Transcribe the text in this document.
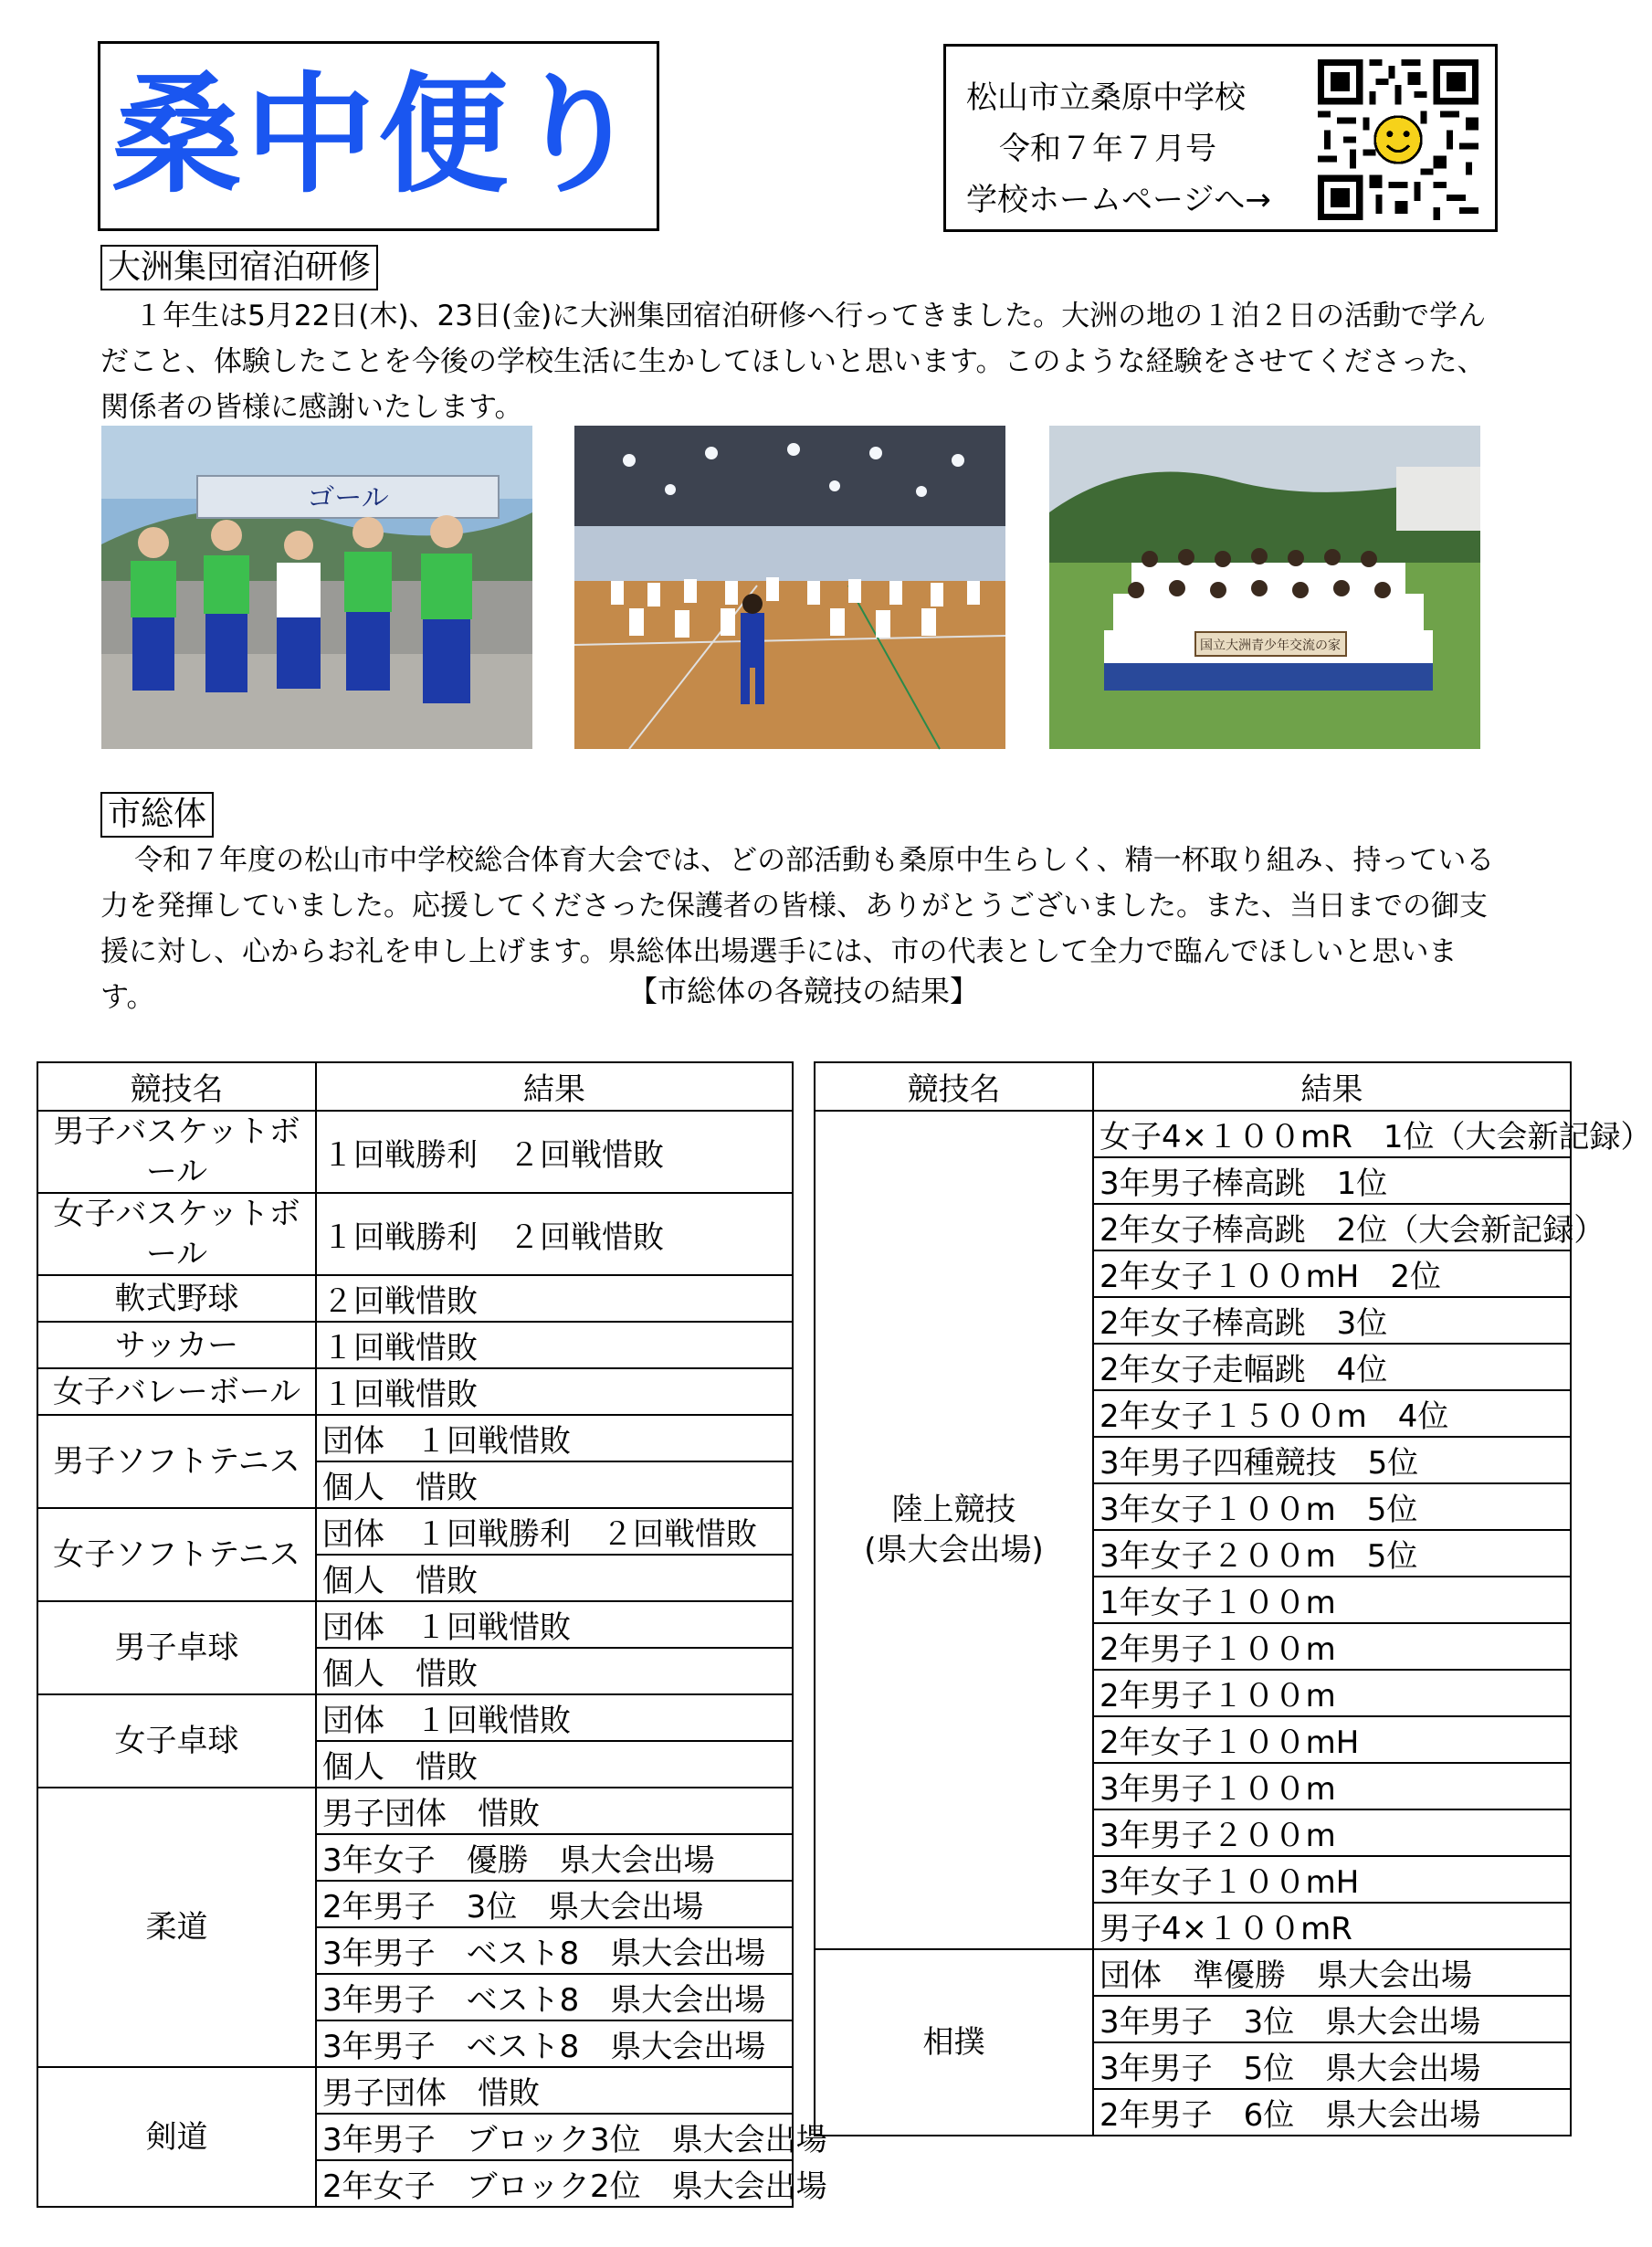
桑中便り	松山市立桑原中学校
令和７年７月号
学校ホームページへ→
大洲集団宿泊研修

１年生は5月22日(木)、23日(金)に大洲集団宿泊研修へ行ってきました。大洲の地の１泊２日の活動で学んだこと、体験したことを今後の学校生活に生かしてほしいと思います。このような経験をさせてくださった、関係者の皆様に感謝いたします。

ゴール
国立大洲青少年交流の家
市総体

令和７年度の松山市中学校総合体育大会では、どの部活動も桑原中生らしく、精一杯取り組み、持っている力を発揮していました。応援してくださった保護者の皆様、ありがとうございました。また、当日までの御支援に対し、心からお礼を申し上げます。県総体出場選手には、市の代表として全力で臨んでほしいと思います。	【市総体の各競技の結果】
競技名	結果
男子バスケットボール	１回戦勝利　２回戦惜敗
女子バスケットボール	１回戦勝利　２回戦惜敗
軟式野球	２回戦惜敗
サッカー	１回戦惜敗
女子バレーボール	１回戦惜敗
男子ソフトテニス	団体　１回戦惜敗
	個人　惜敗
女子ソフトテニス	団体　１回戦勝利　２回戦惜敗
	個人　惜敗
男子卓球	団体　１回戦惜敗
	個人　惜敗
女子卓球	団体　１回戦惜敗
	個人　惜敗
柔道	男子団体　惜敗
	3年女子　優勝　県大会出場
	2年男子　3位　県大会出場
	3年男子　ベスト8　県大会出場
	3年男子　ベスト8　県大会出場
	3年男子　ベスト8　県大会出場
剣道	男子団体　惜敗
	3年男子　ブロック3位　県大会出場
	2年女子　ブロック2位　県大会出場
競技名	結果
陸上競技
(県大会出場)	女子4×１００mR　1位（大会新記録）
	3年男子棒高跳　1位
	2年女子棒高跳　2位（大会新記録）
	2年女子１００mH　2位
	2年女子棒高跳　3位
	2年女子走幅跳　4位
	2年女子１５００m　4位
	3年男子四種競技　5位
	3年女子１００m　5位
	3年女子２００m　5位
	1年女子１００m
	2年男子１００m
	2年男子１００m
	2年女子１００mH
	3年男子１００m
	3年男子２００m
	3年女子１００mH
	男子4×１００mR
相撲	団体　準優勝　県大会出場
	3年男子　3位　県大会出場
	3年男子　5位　県大会出場
	2年男子　6位　県大会出場
